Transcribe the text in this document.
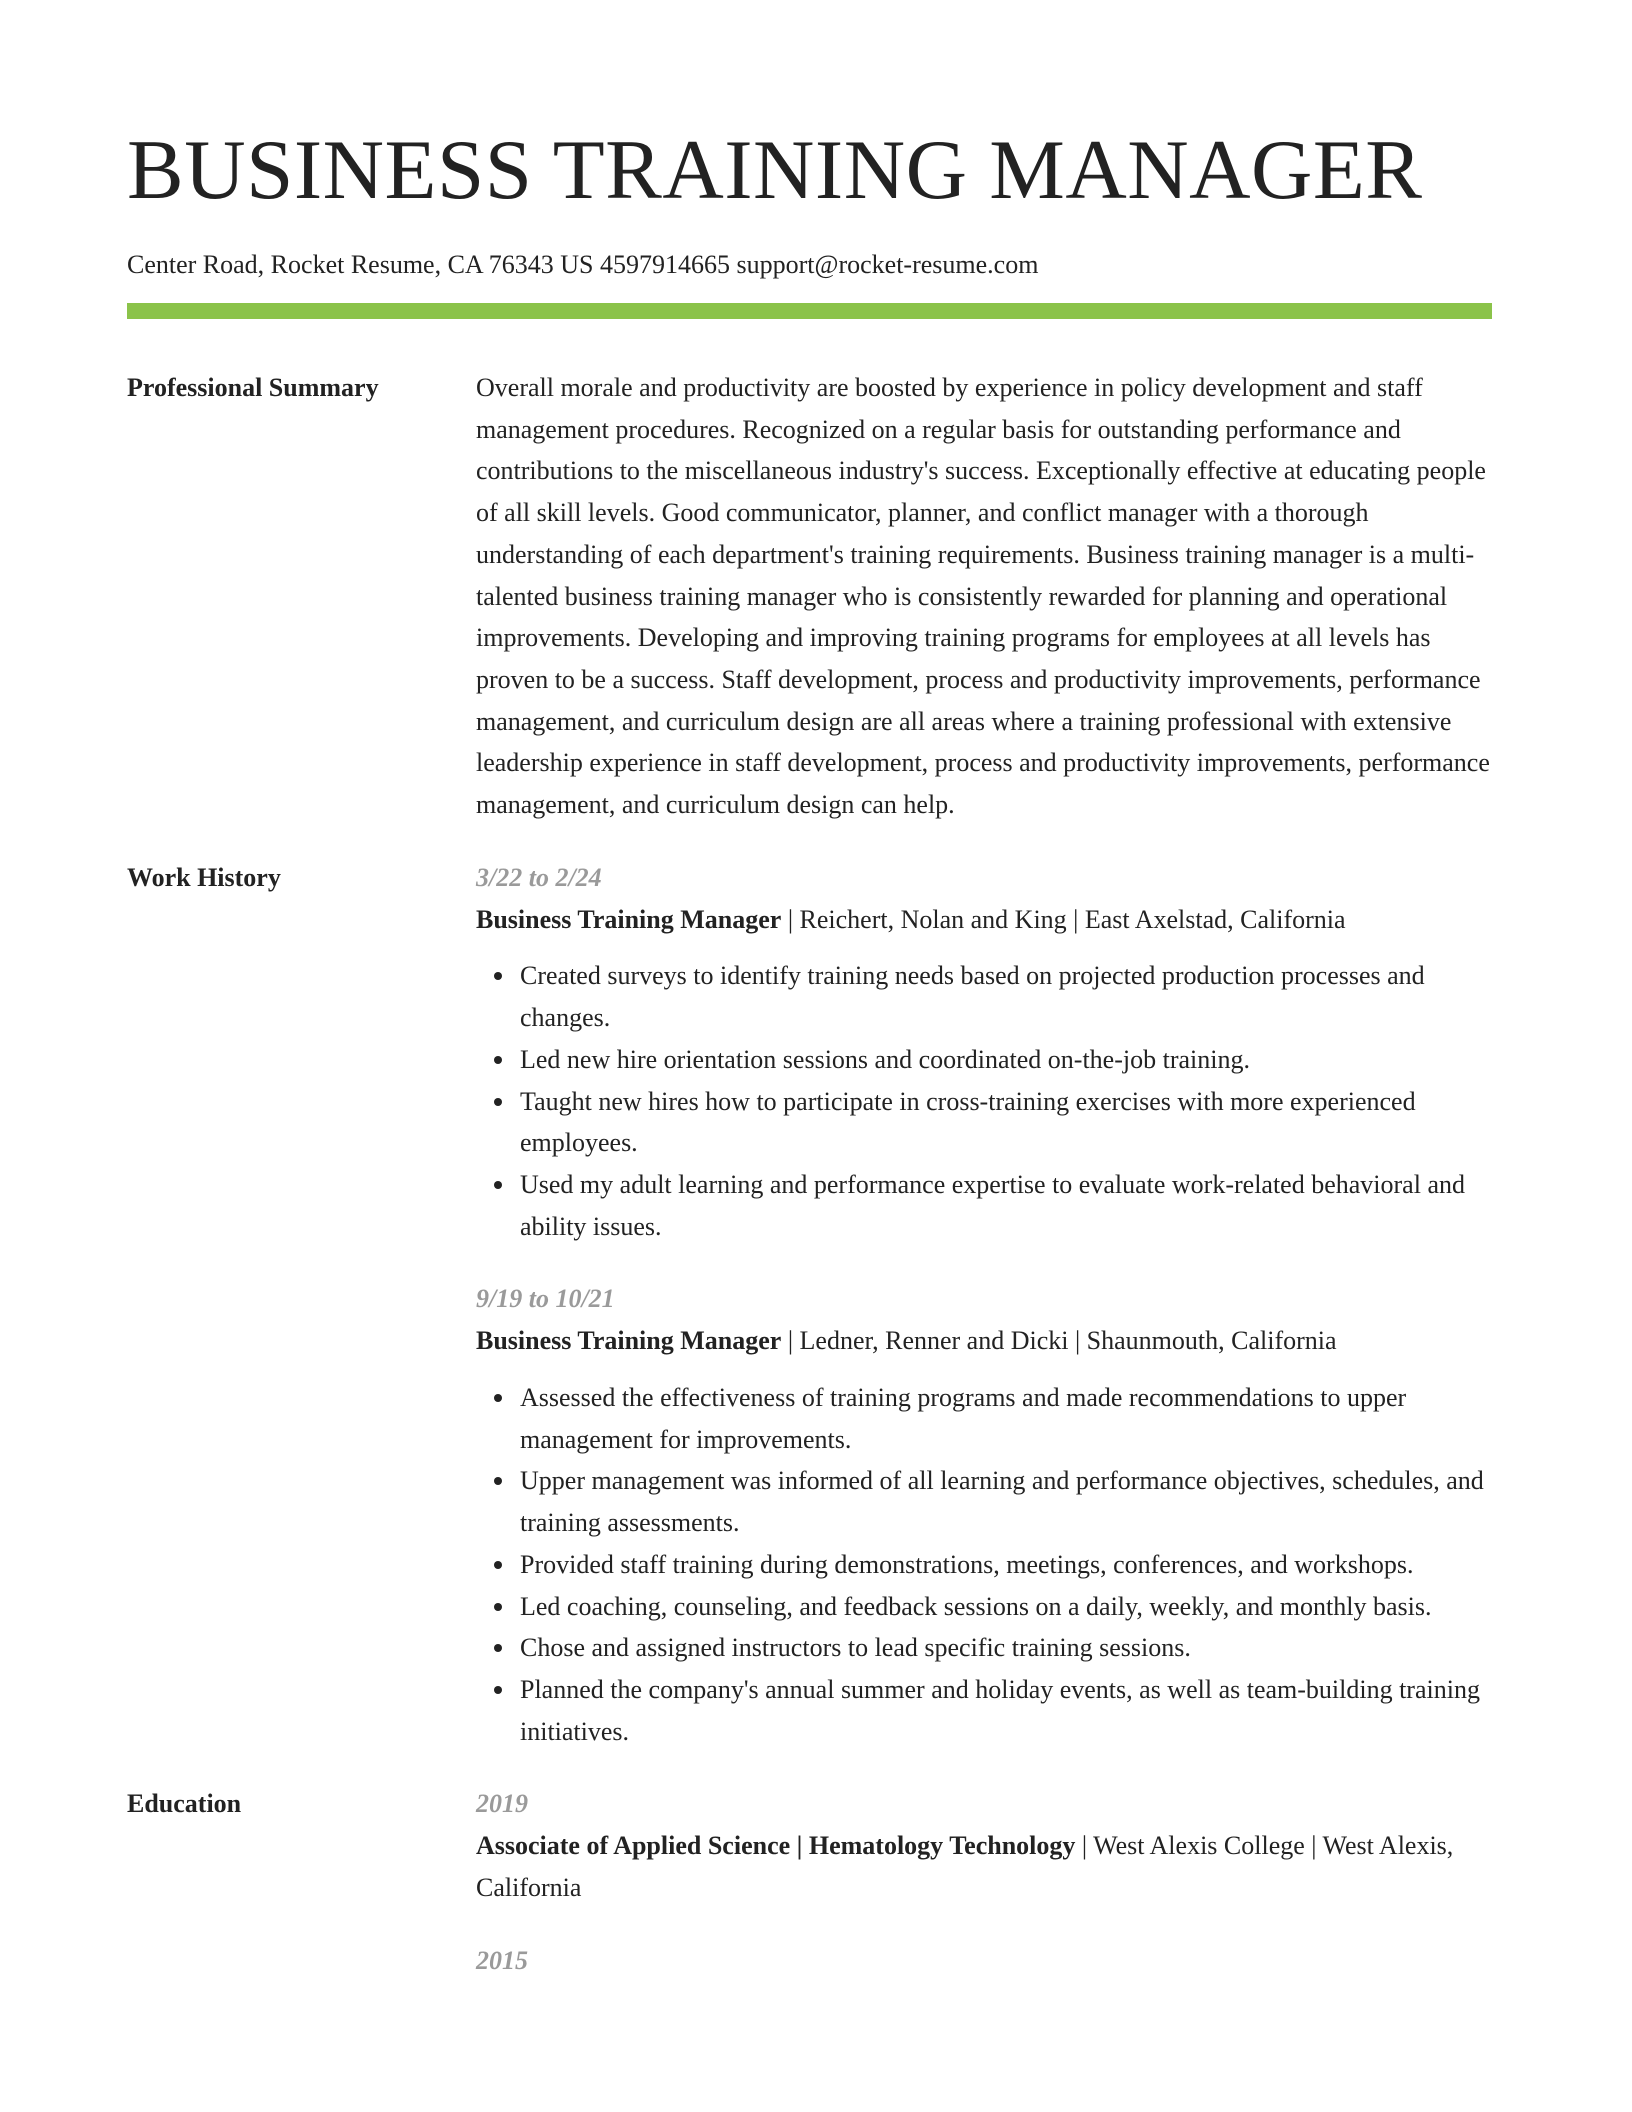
BUSINESS TRAINING MANAGER
Center Road, Rocket Resume, CA 76343 US 4597914665 support@rocket-resume.com
Professional Summary	Overall morale and productivity are boosted by experience in policy development and staff management procedures. Recognized on a regular basis for outstanding performance and contributions to the miscellaneous industry's success. Exceptionally effective at educating people of all skill levels. Good communicator, planner, and conflict manager with a thorough understanding of each department's training requirements. Business training manager is a multi-talented business training manager who is consistently rewarded for planning and operational improvements. Developing and improving training programs for employees at all levels has proven to be a success. Staff development, process and productivity improvements, performance management, and curriculum design are all areas where a training professional with extensive leadership experience in staff development, process and productivity improvements, performance management, and curriculum design can help.
Work History	3/22 to 2/24

Business Training Manager | Reichert, Nolan and King | East Axelstad, California

Created surveys to identify training needs based on projected production processes and changes.
Led new hire orientation sessions and coordinated on-the-job training.
Taught new hires how to participate in cross-training exercises with more experienced employees.
Used my adult learning and performance expertise to evaluate work-related behavioral and ability issues.
9/19 to 10/21

Business Training Manager | Ledner, Renner and Dicki | Shaunmouth, California

Assessed the effectiveness of training programs and made recommendations to upper management for improvements.
Upper management was informed of all learning and performance objectives, schedules, and training assessments.
Provided staff training during demonstrations, meetings, conferences, and workshops.
Led coaching, counseling, and feedback sessions on a daily, weekly, and monthly basis.
Chose and assigned instructors to lead specific training sessions.
Planned the company's annual summer and holiday events, as well as team-building training initiatives.
Education	2019
Associate of Applied Science | Hematology Technology | West Alexis College | West Alexis, California
2015
